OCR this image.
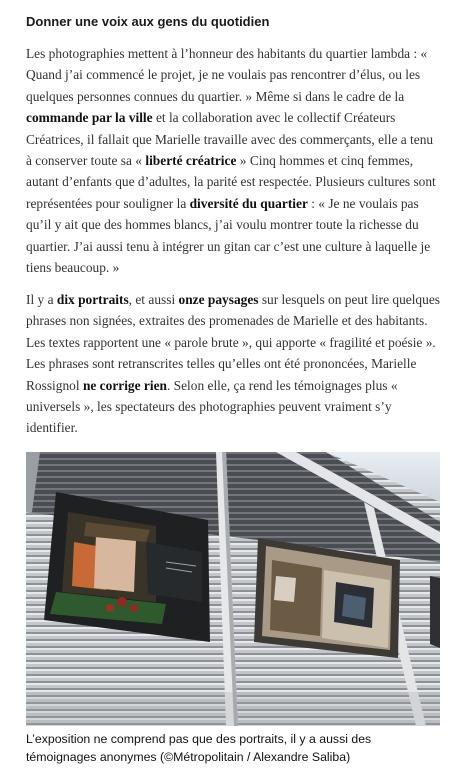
Donner une voix aux gens du quotidien

Les photographies mettent à l’honneur des habitants du quartier lambda : « Quand j’ai commencé le projet, je ne voulais pas rencontrer d’élus, ou les quelques personnes connues du quartier. » Même si dans le cadre de la commande par la ville et la collaboration avec le collectif Créateurs Créatrices, il fallait que Marielle travaille avec des commerçants, elle a tenu à conserver toute sa « liberté créatrice » Cinq hommes et cinq femmes, autant d’enfants que d’adultes, la parité est respectée. Plusieurs cultures sont représentées pour souligner la diversité du quartier : « Je ne voulais pas qu’il y ait que des hommes blancs, j’ai voulu montrer toute la richesse du quartier. J’ai aussi tenu à intégrer un gitan car c’est une culture à laquelle je tiens beaucoup. »

Il y a dix portraits, et aussi onze paysages sur lesquels on peut lire quelques phrases non signées, extraites des promenades de Marielle et des habitants. Les textes rapportent une « parole brute », qui apporte « fragilité et poésie ». Les phrases sont retranscrites telles qu’elles ont été prononcées, Marielle Rossignol ne corrige rien. Selon elle, ça rend les témoignages plus « universels », les spectateurs des photographies peuvent vraiment s’y identifier.

L’exposition ne comprend pas que des portraits, il y a aussi des témoignages anonymes (©Métropolitain / Alexandre Saliba)
